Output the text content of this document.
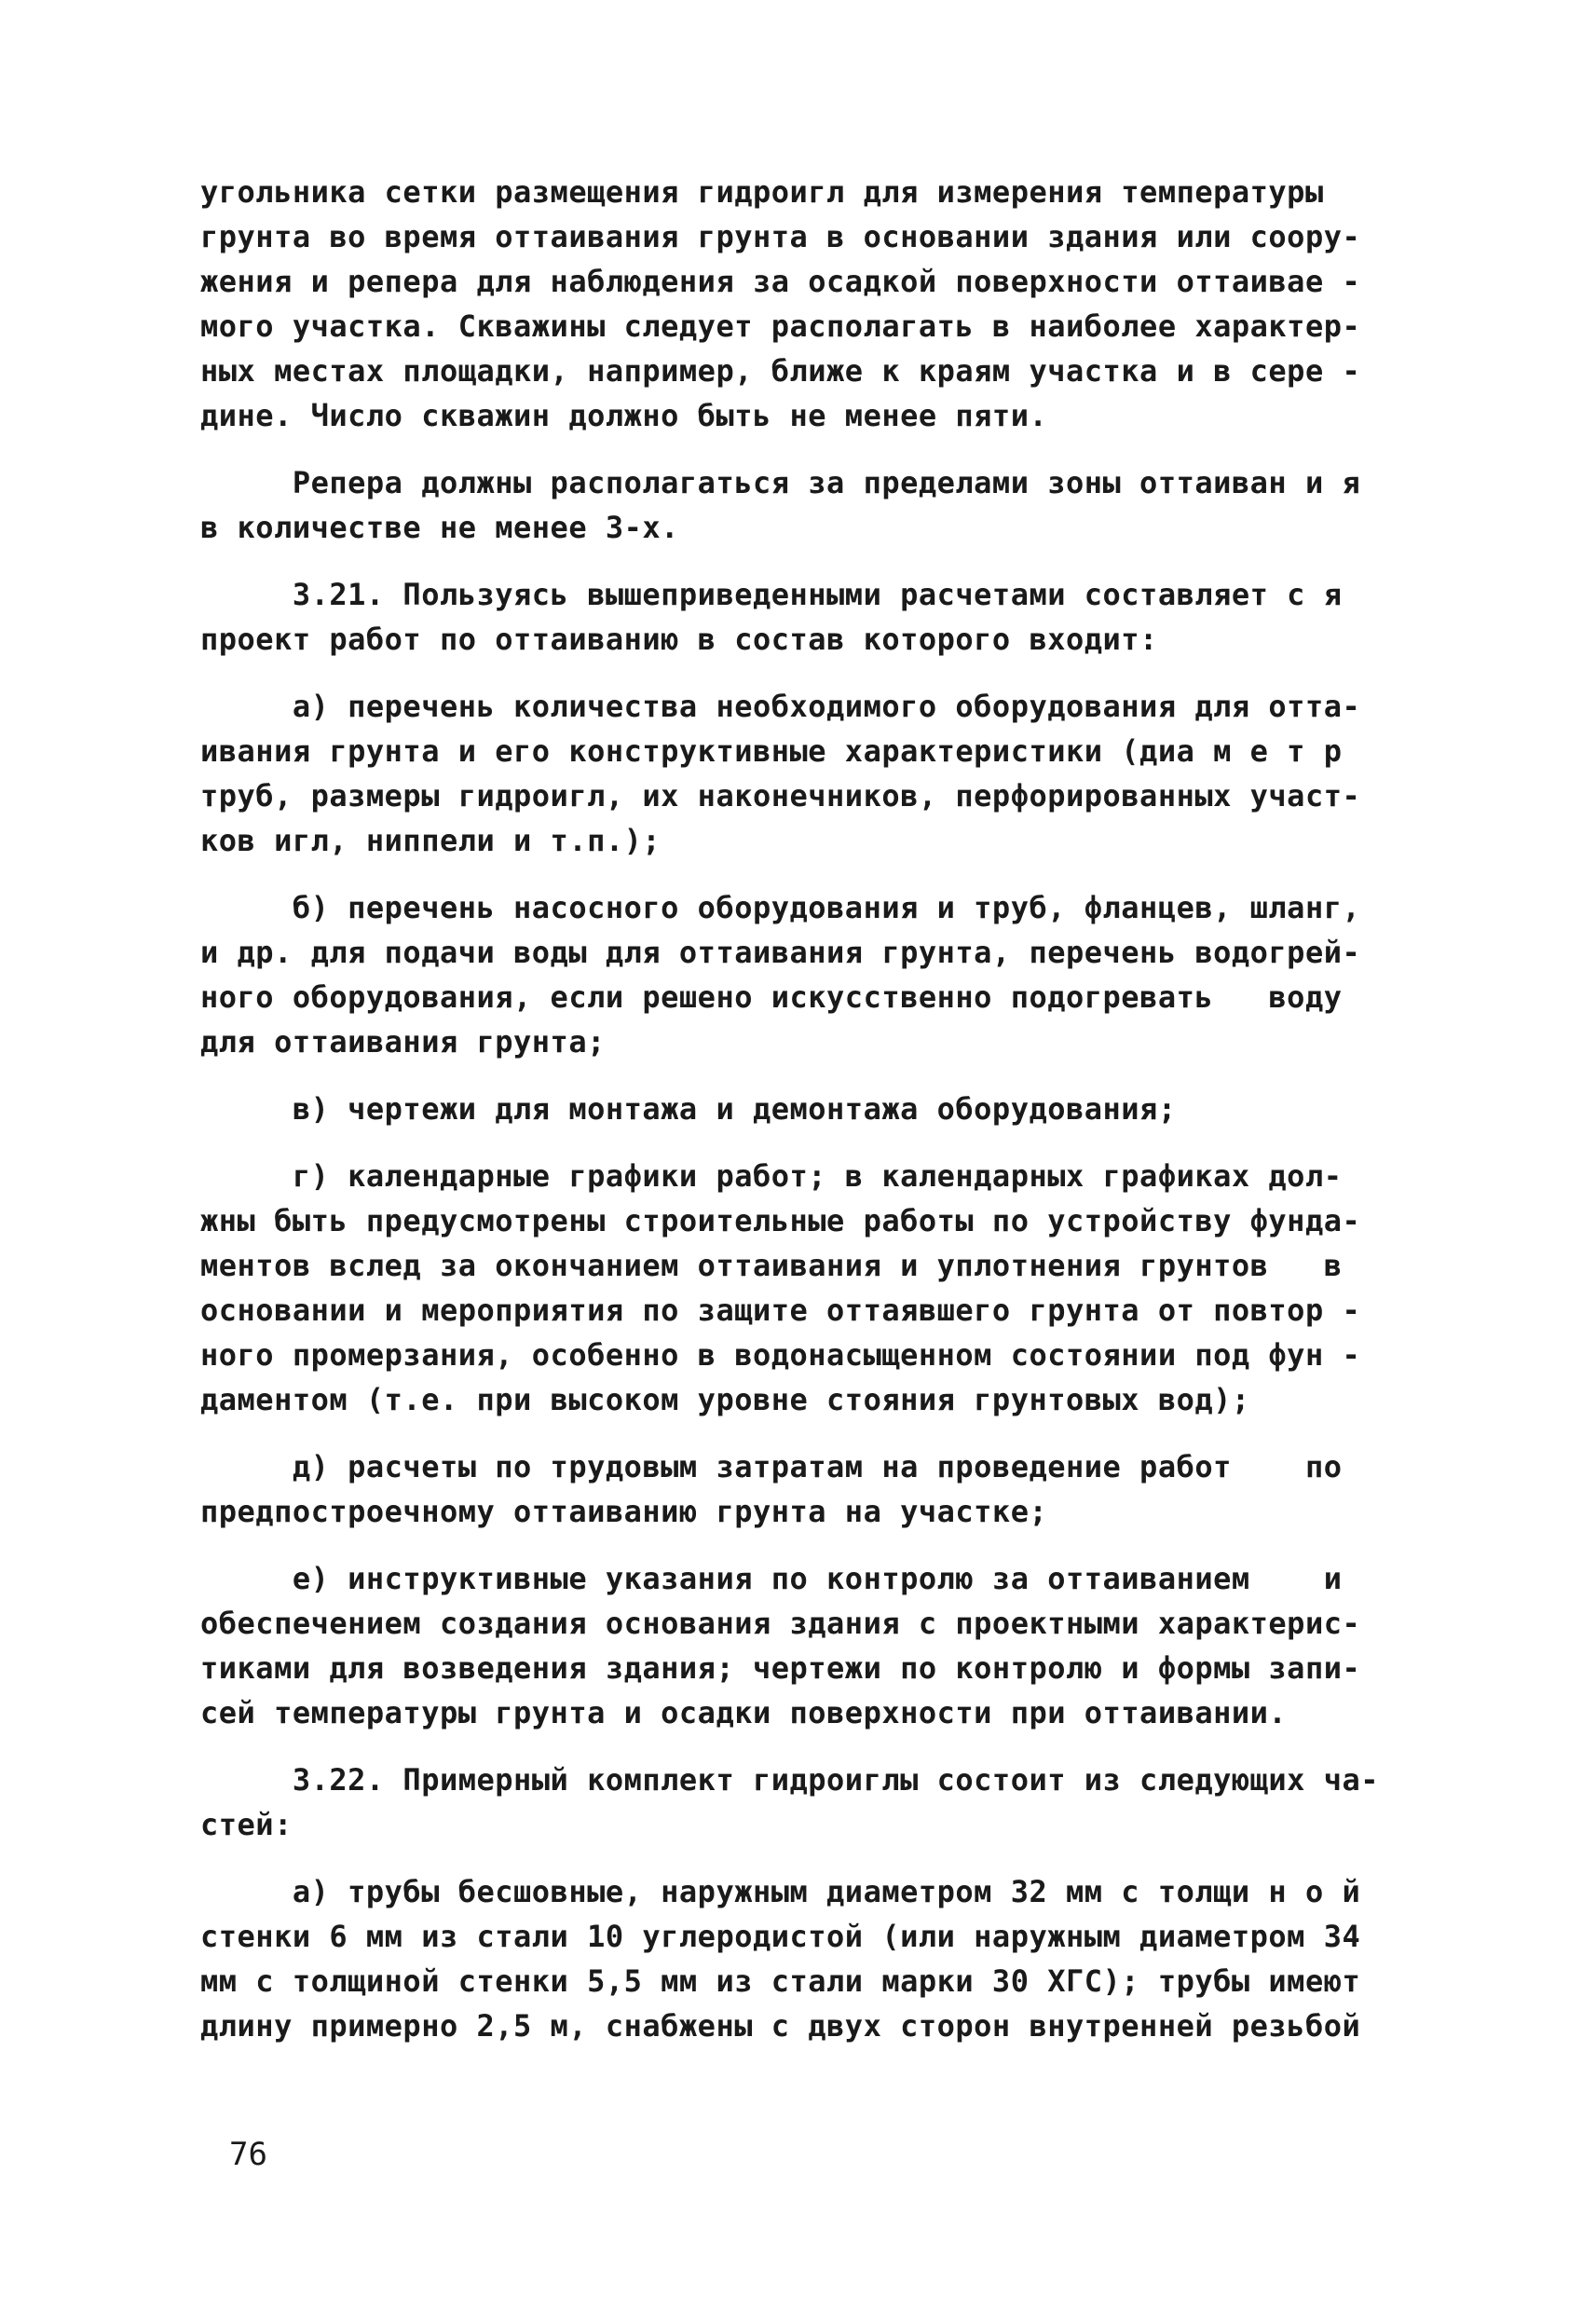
угольника сетки размещения гидроигл для измерения температуры
грунта во время оттаивания грунта в основании здания или соору-
жения и репера для наблюдения за осадкой поверхности оттаивае -
мого участка. Скважины следует располагать в наиболее характер-
ных местах площадки, например, ближе к краям участка и в сере -
дине. Число скважин должно быть не менее пяти.
Репера должны располагаться за пределами зоны оттаиван и я
в количестве не менее 3-х.
3.21. Пользуясь вышеприведенными расчетами составляет с я
проект работ по оттаиванию в состав которого входит:
а) перечень количества необходимого оборудования для отта-
ивания грунта и его конструктивные характеристики (диа м е т р
труб, размеры гидроигл, их наконечников, перфорированных участ-
ков игл, ниппели и т.п.);
б) перечень насосного оборудования и труб, фланцев, шланг,
и др. для подачи воды для оттаивания грунта, перечень водогрей-
ного оборудования, если решено искусственно подогревать   воду
для оттаивания грунта;
в) чертежи для монтажа и демонтажа оборудования;
г) календарные графики работ; в календарных графиках дол-
жны быть предусмотрены строительные работы по устройству фунда-
ментов вслед за окончанием оттаивания и уплотнения грунтов   в
основании и мероприятия по защите оттаявшего грунта от повтор -
ного промерзания, особенно в водонасыщенном состоянии под фун -
даментом (т.е. при высоком уровне стояния грунтовых вод);
д) расчеты по трудовым затратам на проведение работ    по
предпостроечному оттаиванию грунта на участке;
е) инструктивные указания по контролю за оттаиванием    и
обеспечением создания основания здания с проектными характерис-
тиками для возведения здания; чертежи по контролю и формы запи-
сей температуры грунта и осадки поверхности при оттаивании.
3.22. Примерный комплект гидроиглы состоит из следующих ча-
стей:
а) трубы бесшовные, наружным диаметром 32 мм с толщи н о й
стенки 6 мм из стали 10 углеродистой (или наружным диаметром 34
мм с толщиной стенки 5,5 мм из стали марки 30 ХГС); трубы имеют
длину примерно 2,5 м, снабжены с двух сторон внутренней резьбой
76
